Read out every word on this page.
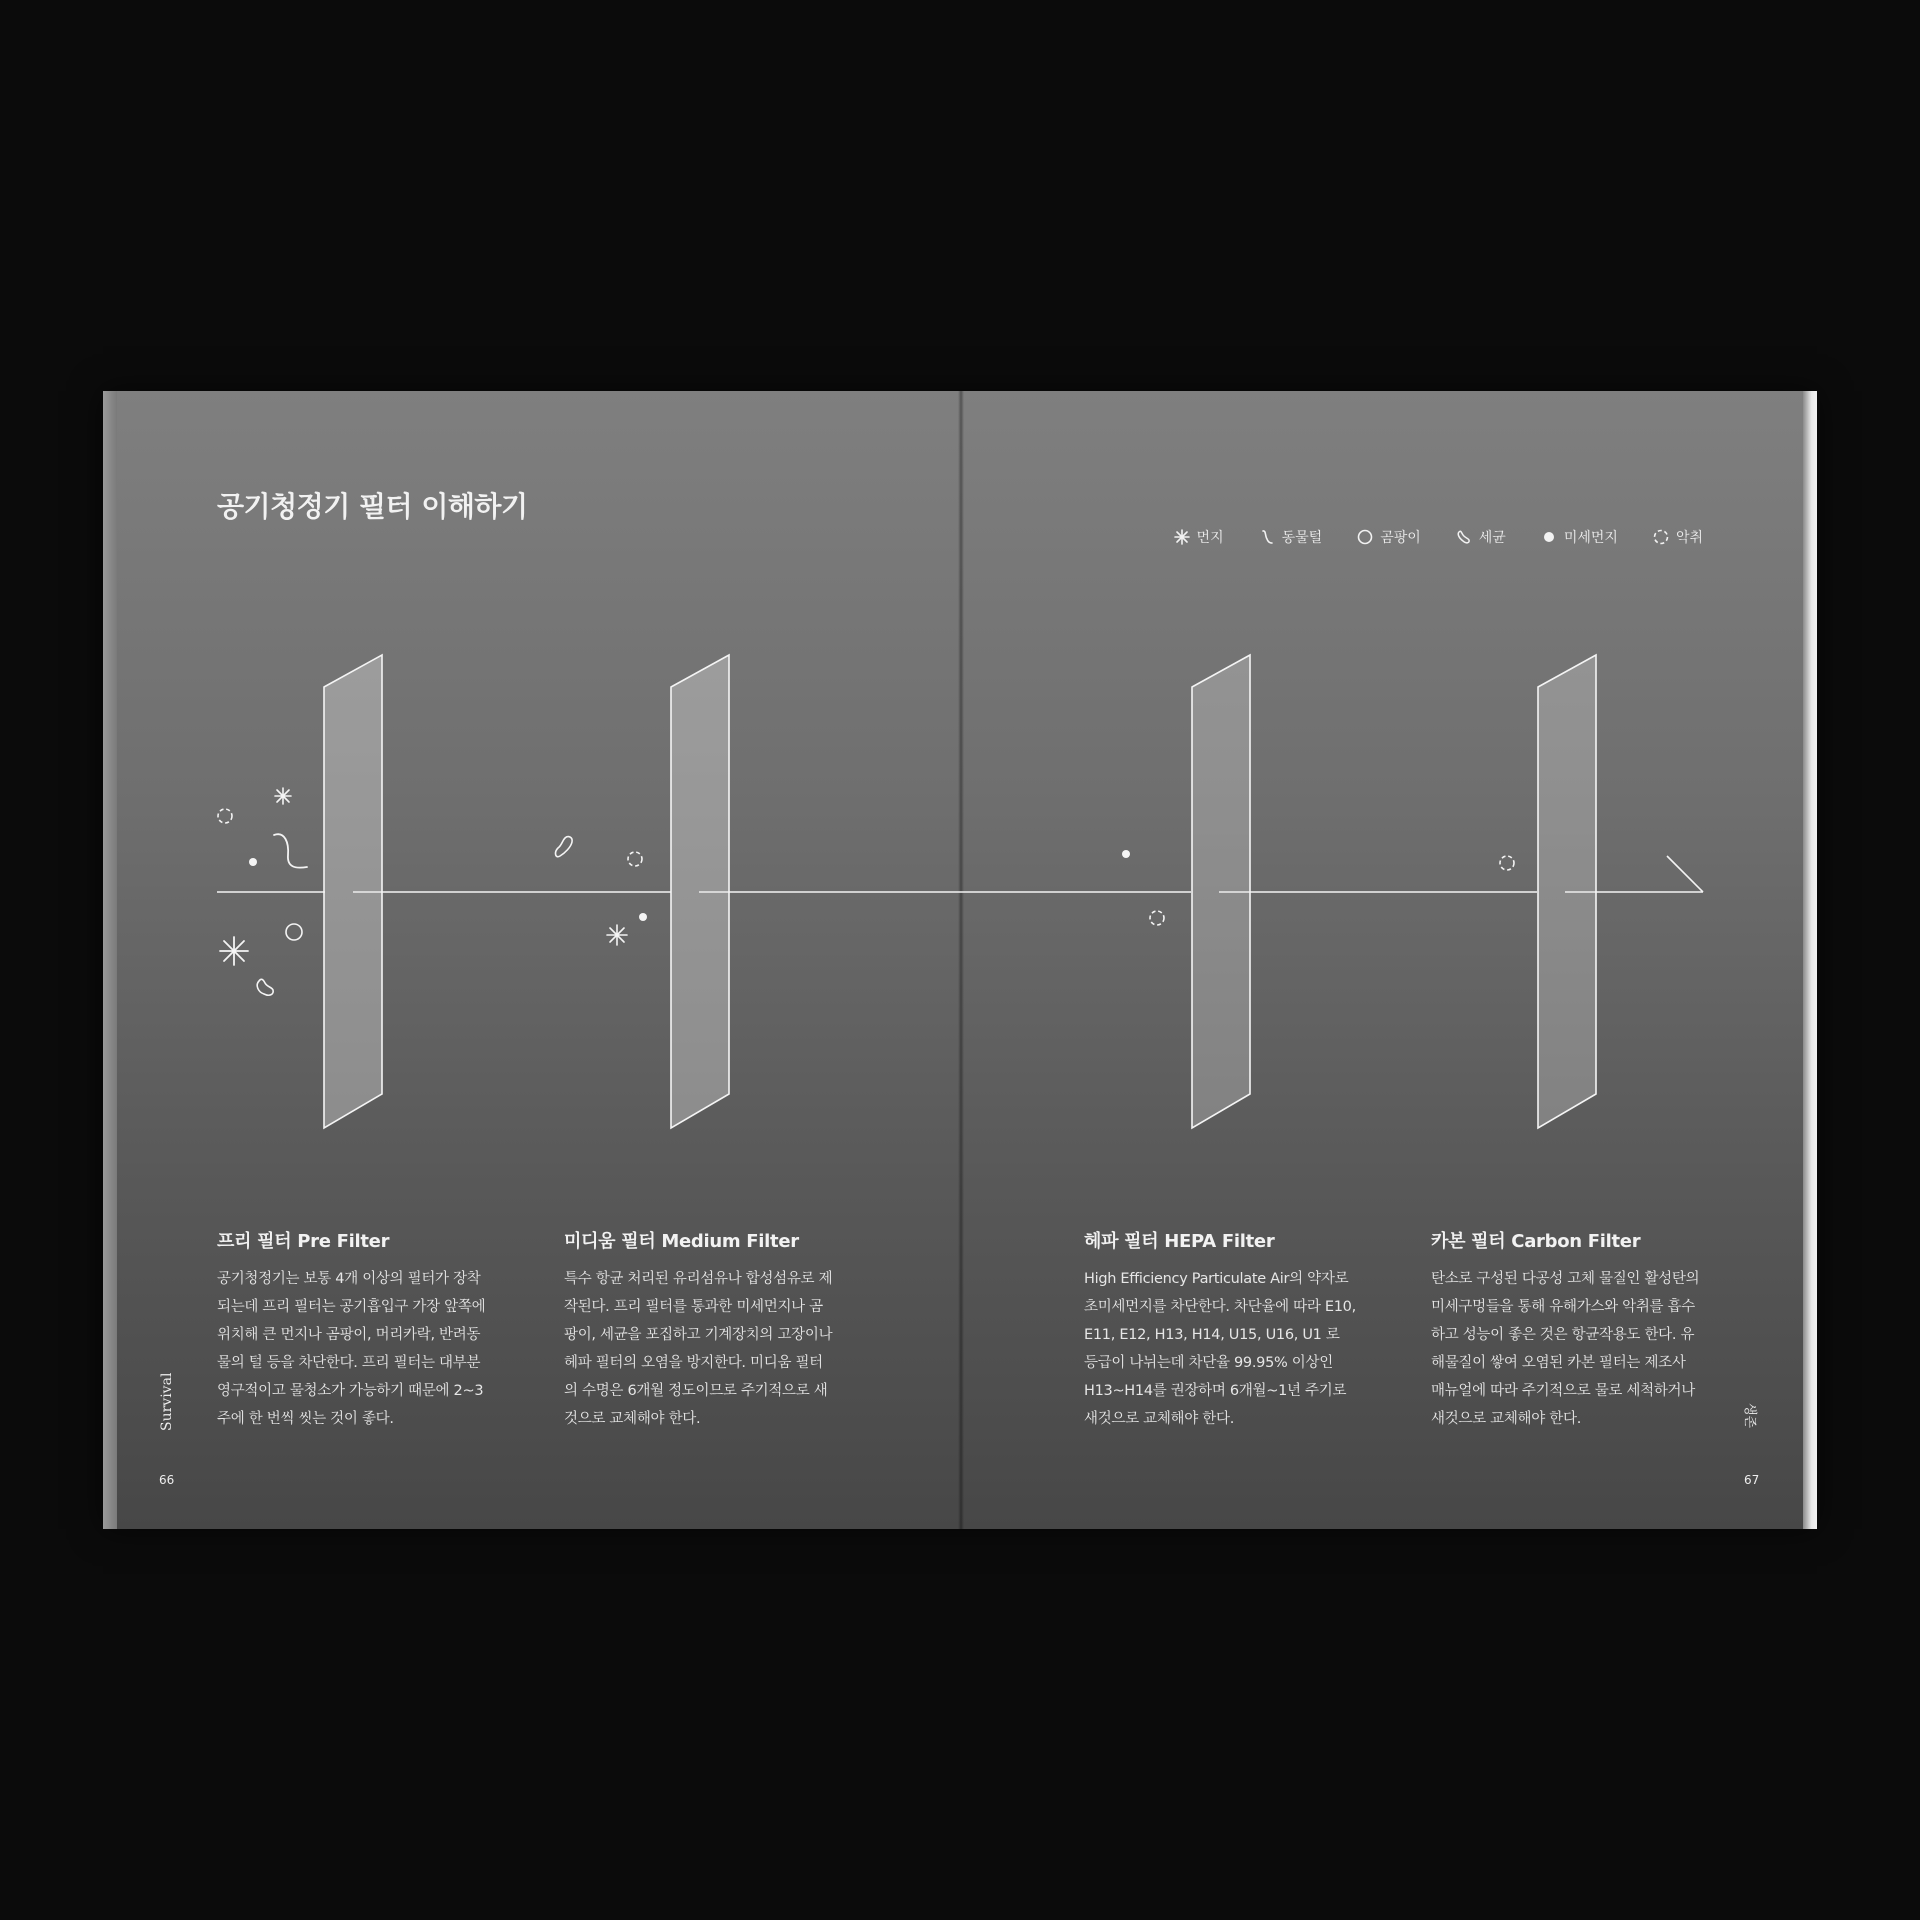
공기청정기 필터 이해하기
먼지	동물털	곰팡이	세균	미세먼지	악취
프리 필터 Pre Filter
공기청정기는 보통 4개 이상의 필터가 장착되는데 프리 필터는 공기흡입구 가장 앞쪽에 위치해 큰 먼지나 곰팡이, 머리카락, 반려동물의 털 등을 차단한다. 프리 필터는 대부분 영구적이고 물청소가 가능하기 때문에 2~3주에 한 번씩 씻는 것이 좋다.
미디움 필터 Medium Filter
특수 항균 처리된 유리섬유나 합성섬유로 제작된다. 프리 필터를 통과한 미세먼지나 곰팡이, 세균을 포집하고 기계장치의 고장이나 헤파 필터의 오염을 방지한다. 미디움 필터의 수명은 6개월 정도이므로 주기적으로 새것으로 교체해야 한다.
헤파 필터 HEPA Filter
High Efficiency Particulate Air의 약자로 초미세먼지를 차단한다. 차단율에 따라 E10, E11, E12, H13, H14, U15, U16, U1 로 등급이 나뉘는데 차단율 99.95% 이상인 H13~H14를 권장하며 6개월~1년 주기로 새것으로 교체해야 한다.
카본 필터 Carbon Filter
탄소로 구성된 다공성 고체 물질인 활성탄의 미세구멍들을 통해 유해가스와 악취를 흡수하고 성능이 좋은 것은 항균작용도 한다. 유해물질이 쌓여 오염된 카본 필터는 제조사 매뉴얼에 따라 주기적으로 물로 세척하거나 새것으로 교체해야 한다.
Survival	생존
66	67
